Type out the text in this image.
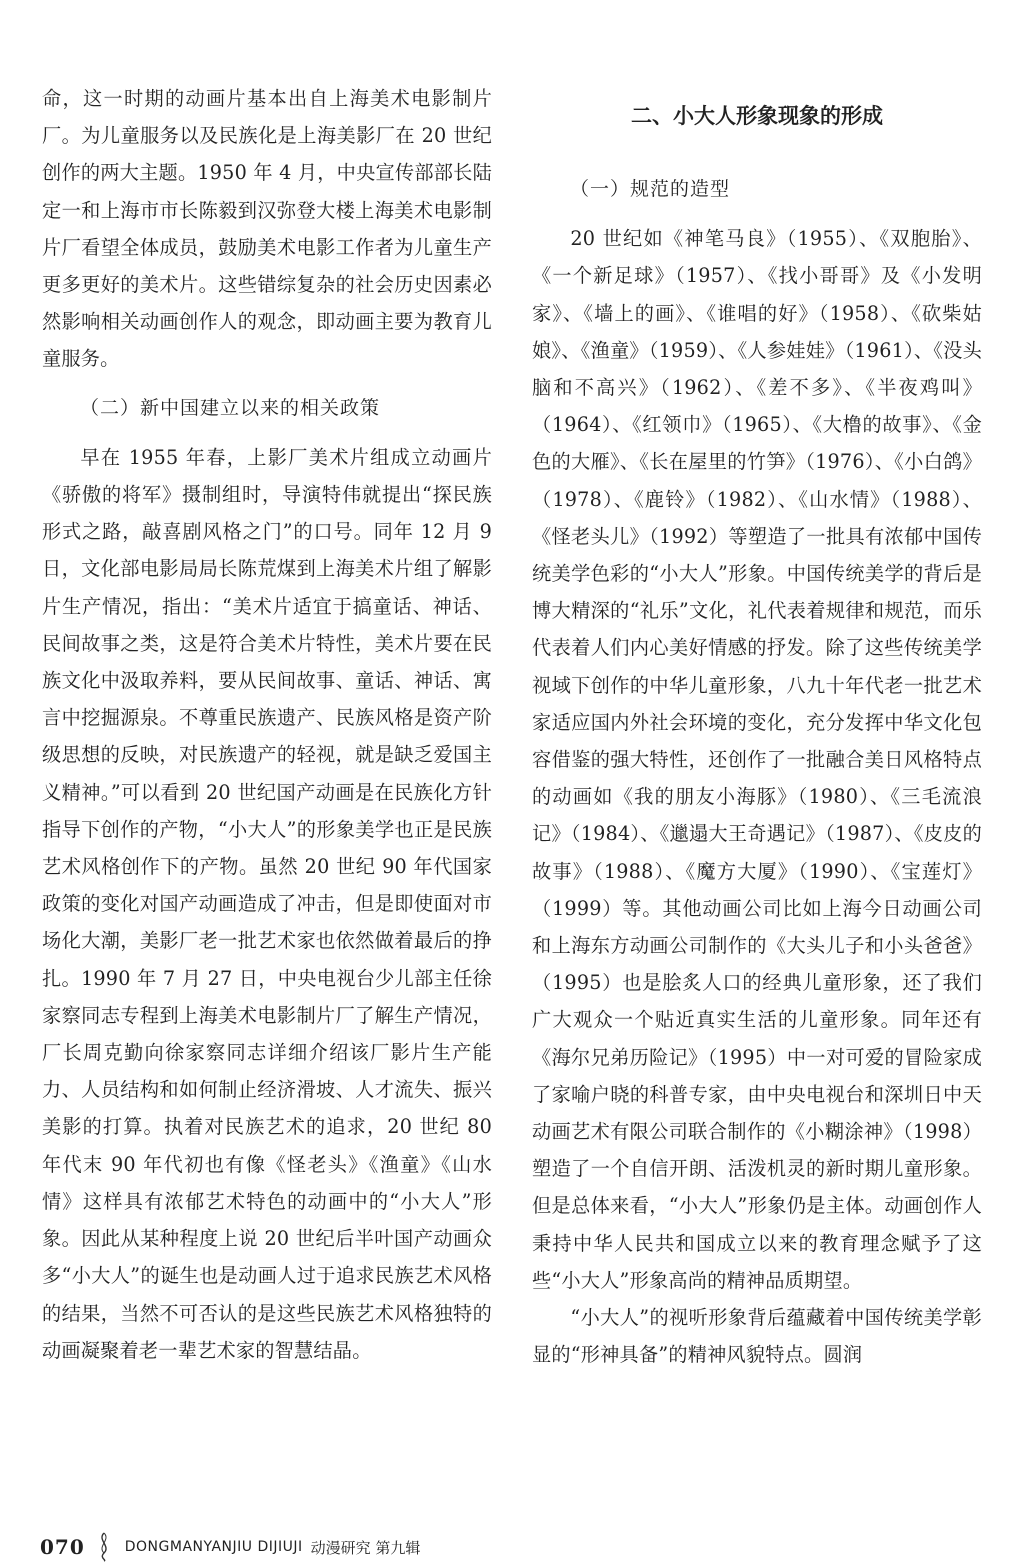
命，这一时期的动画片基本出自上海美术电影制片厂。为儿童服务以及民族化是上海美影厂在 20 世纪创作的两大主题。1950 年 4 月，中央宣传部部长陆定一和上海市市长陈毅到汉弥登大楼上海美术电影制片厂看望全体成员，鼓励美术电影工作者为儿童生产更多更好的美术片。这些错综复杂的社会历史因素必然影响相关动画创作人的观念，即动画主要为教育儿童服务。

（二）新中国建立以来的相关政策

早在 1955 年春，上影厂美术片组成立动画片《骄傲的将军》摄制组时，导演特伟就提出“探民族形式之路，敲喜剧风格之门”的口号。同年 12 月 9 日，文化部电影局局长陈荒煤到上海美术片组了解影片生产情况，指出：“美术片适宜于搞童话、神话、民间故事之类，这是符合美术片特性，美术片要在民族文化中汲取养料，要从民间故事、童话、神话、寓言中挖掘源泉。不尊重民族遗产、民族风格是资产阶级思想的反映，对民族遗产的轻视，就是缺乏爱国主义精神。”可以看到 20 世纪国产动画是在民族化方针指导下创作的产物，“小大人”的形象美学也正是民族艺术风格创作下的产物。虽然 20 世纪 90 年代国家政策的变化对国产动画造成了冲击，但是即使面对市场化大潮，美影厂老一批艺术家也依然做着最后的挣扎。1990 年 7 月 27 日，中央电视台少儿部主任徐家察同志专程到上海美术电影制片厂了解生产情况，厂长周克勤向徐家察同志详细介绍该厂影片生产能力、人员结构和如何制止经济滑坡、人才流失、振兴美影的打算。执着对民族艺术的追求，20 世纪 80 年代末 90 年代初也有像《怪老头》《渔童》《山水情》这样具有浓郁艺术特色的动画中的“小大人”形象。因此从某种程度上说 20 世纪后半叶国产动画众多“小大人”的诞生也是动画人过于追求民族艺术风格的结果，当然不可否认的是这些民族艺术风格独特的动画凝聚着老一辈艺术家的智慧结晶。

二、小大人形象现象的形成

（一）规范的造型

20 世纪如《神笔马良》（1955）、《双胞胎》、《一个新足球》（1957）、《找小哥哥》及《小发明家》、《墙上的画》、《谁唱的好》（1958）、《砍柴姑娘》、《渔童》（1959）、《人参娃娃》（1961）、《没头脑和不高兴》（1962）、《差不多》、《半夜鸡叫》（1964）、《红领巾》（1965）、《大橹的故事》、《金色的大雁》、《长在屋里的竹笋》（1976）、《小白鸽》（1978）、《鹿铃》（1982）、《山水情》（1988）、《怪老头儿》（1992）等塑造了一批具有浓郁中国传统美学色彩的“小大人”形象。中国传统美学的背后是博大精深的“礼乐”文化，礼代表着规律和规范，而乐代表着人们内心美好情感的抒发。除了这些传统美学视域下创作的中华儿童形象，八九十年代老一批艺术家适应国内外社会环境的变化，充分发挥中华文化包容借鉴的强大特性，还创作了一批融合美日风格特点的动画如《我的朋友小海豚》（1980）、《三毛流浪记》（1984）、《邋遢大王奇遇记》（1987）、《皮皮的故事》（1988）、《魔方大厦》（1990）、《宝莲灯》（1999）等。其他动画公司比如上海今日动画公司和上海东方动画公司制作的《大头儿子和小头爸爸》（1995）也是脍炙人口的经典儿童形象，还了我们广大观众一个贴近真实生活的儿童形象。同年还有《海尔兄弟历险记》（1995）中一对可爱的冒险家成了家喻户晓的科普专家，由中央电视台和深圳日中天动画艺术有限公司联合制作的《小糊涂神》（1998）塑造了一个自信开朗、活泼机灵的新时期儿童形象。但是总体来看，“小大人”形象仍是主体。动画创作人秉持中华人民共和国成立以来的教育理念赋予了这些“小大人”形象高尚的精神品质期望。

“小大人”的视听形象背后蕴藏着中国传统美学彰显的“形神具备”的精神风貌特点。圆润

070	DONGMANYANJIU DIJIUJI 动漫研究 第九辑
